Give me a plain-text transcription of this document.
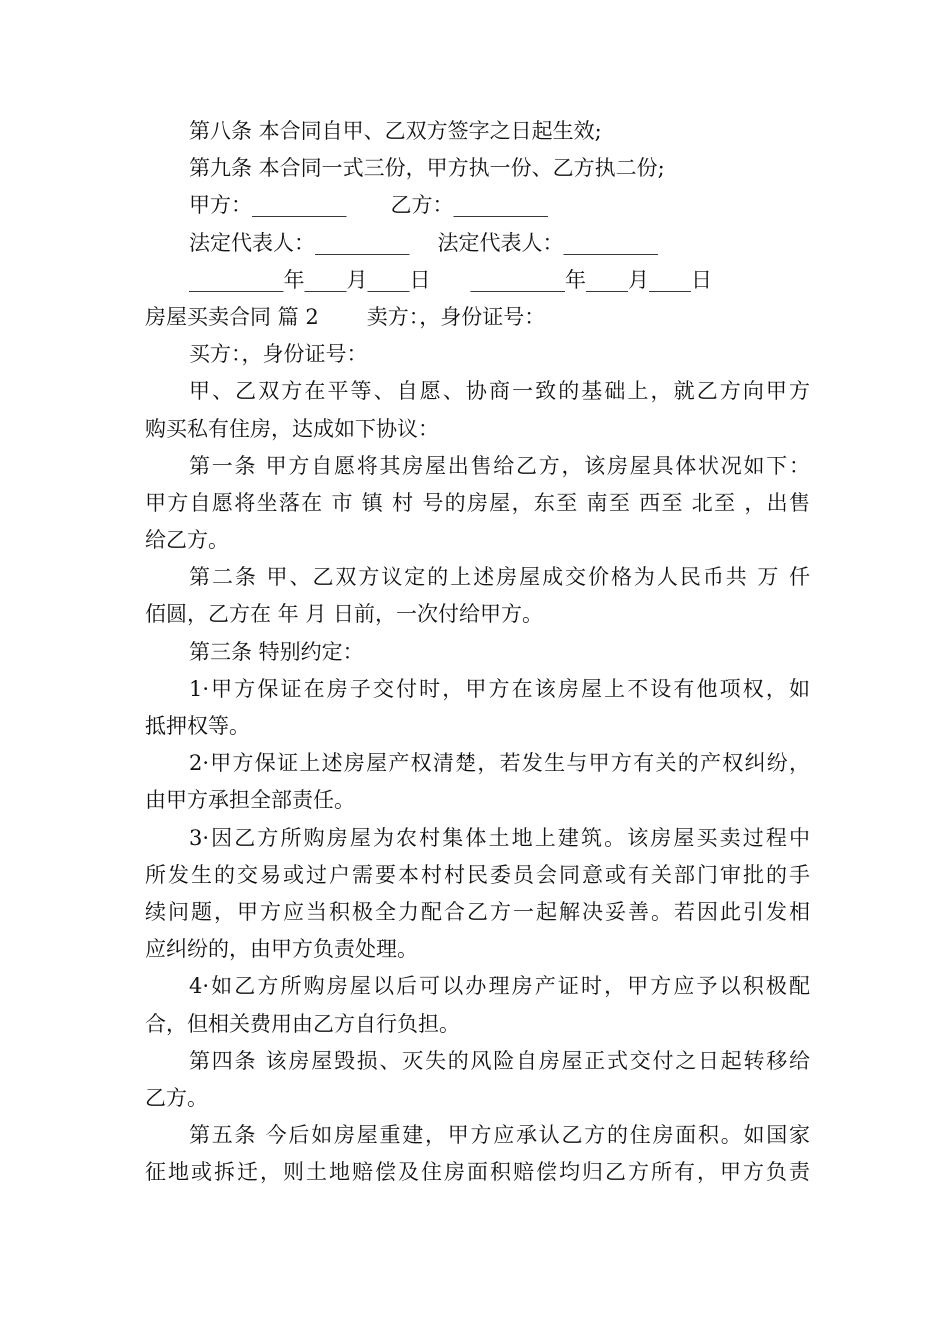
第八条 本合同自甲、乙双方签字之日起生效;
第九条 本合同一式三份，甲方执一份、乙方执二份;
甲方：_________ 乙方：_________
法定代表人：_________ 法定代表人：_________
_________年____月____日 _________年____月____日
房屋买卖合同 篇 2 卖方：，身份证号：
买方：，身份证号：
甲、乙双方在平等、自愿、协商一致的基础上，就乙方向甲方
购买私有住房，达成如下协议：
第一条 甲方自愿将其房屋出售给乙方，该房屋具体状况如下：
甲方自愿将坐落在 市 镇 村 号的房屋，东至 南至 西至 北至 ，出售
给乙方。
第二条 甲、乙双方议定的上述房屋成交价格为人民币共 万 仟
佰圆，乙方在 年 月 日前，一次付给甲方。
第三条 特别约定：
1·甲方保证在房子交付时，甲方在该房屋上不设有他项权，如
抵押权等。
2·甲方保证上述房屋产权清楚，若发生与甲方有关的产权纠纷，
由甲方承担全部责任。
3·因乙方所购房屋为农村集体土地上建筑。该房屋买卖过程中
所发生的交易或过户需要本村村民委员会同意或有关部门审批的手
续问题，甲方应当积极全力配合乙方一起解决妥善。若因此引发相
应纠纷的，由甲方负责处理。
4·如乙方所购房屋以后可以办理房产证时，甲方应予以积极配
合，但相关费用由乙方自行负担。
第四条 该房屋毁损、灭失的风险自房屋正式交付之日起转移给
乙方。
第五条 今后如房屋重建，甲方应承认乙方的住房面积。如国家
征地或拆迁，则土地赔偿及住房面积赔偿均归乙方所有，甲方负责
